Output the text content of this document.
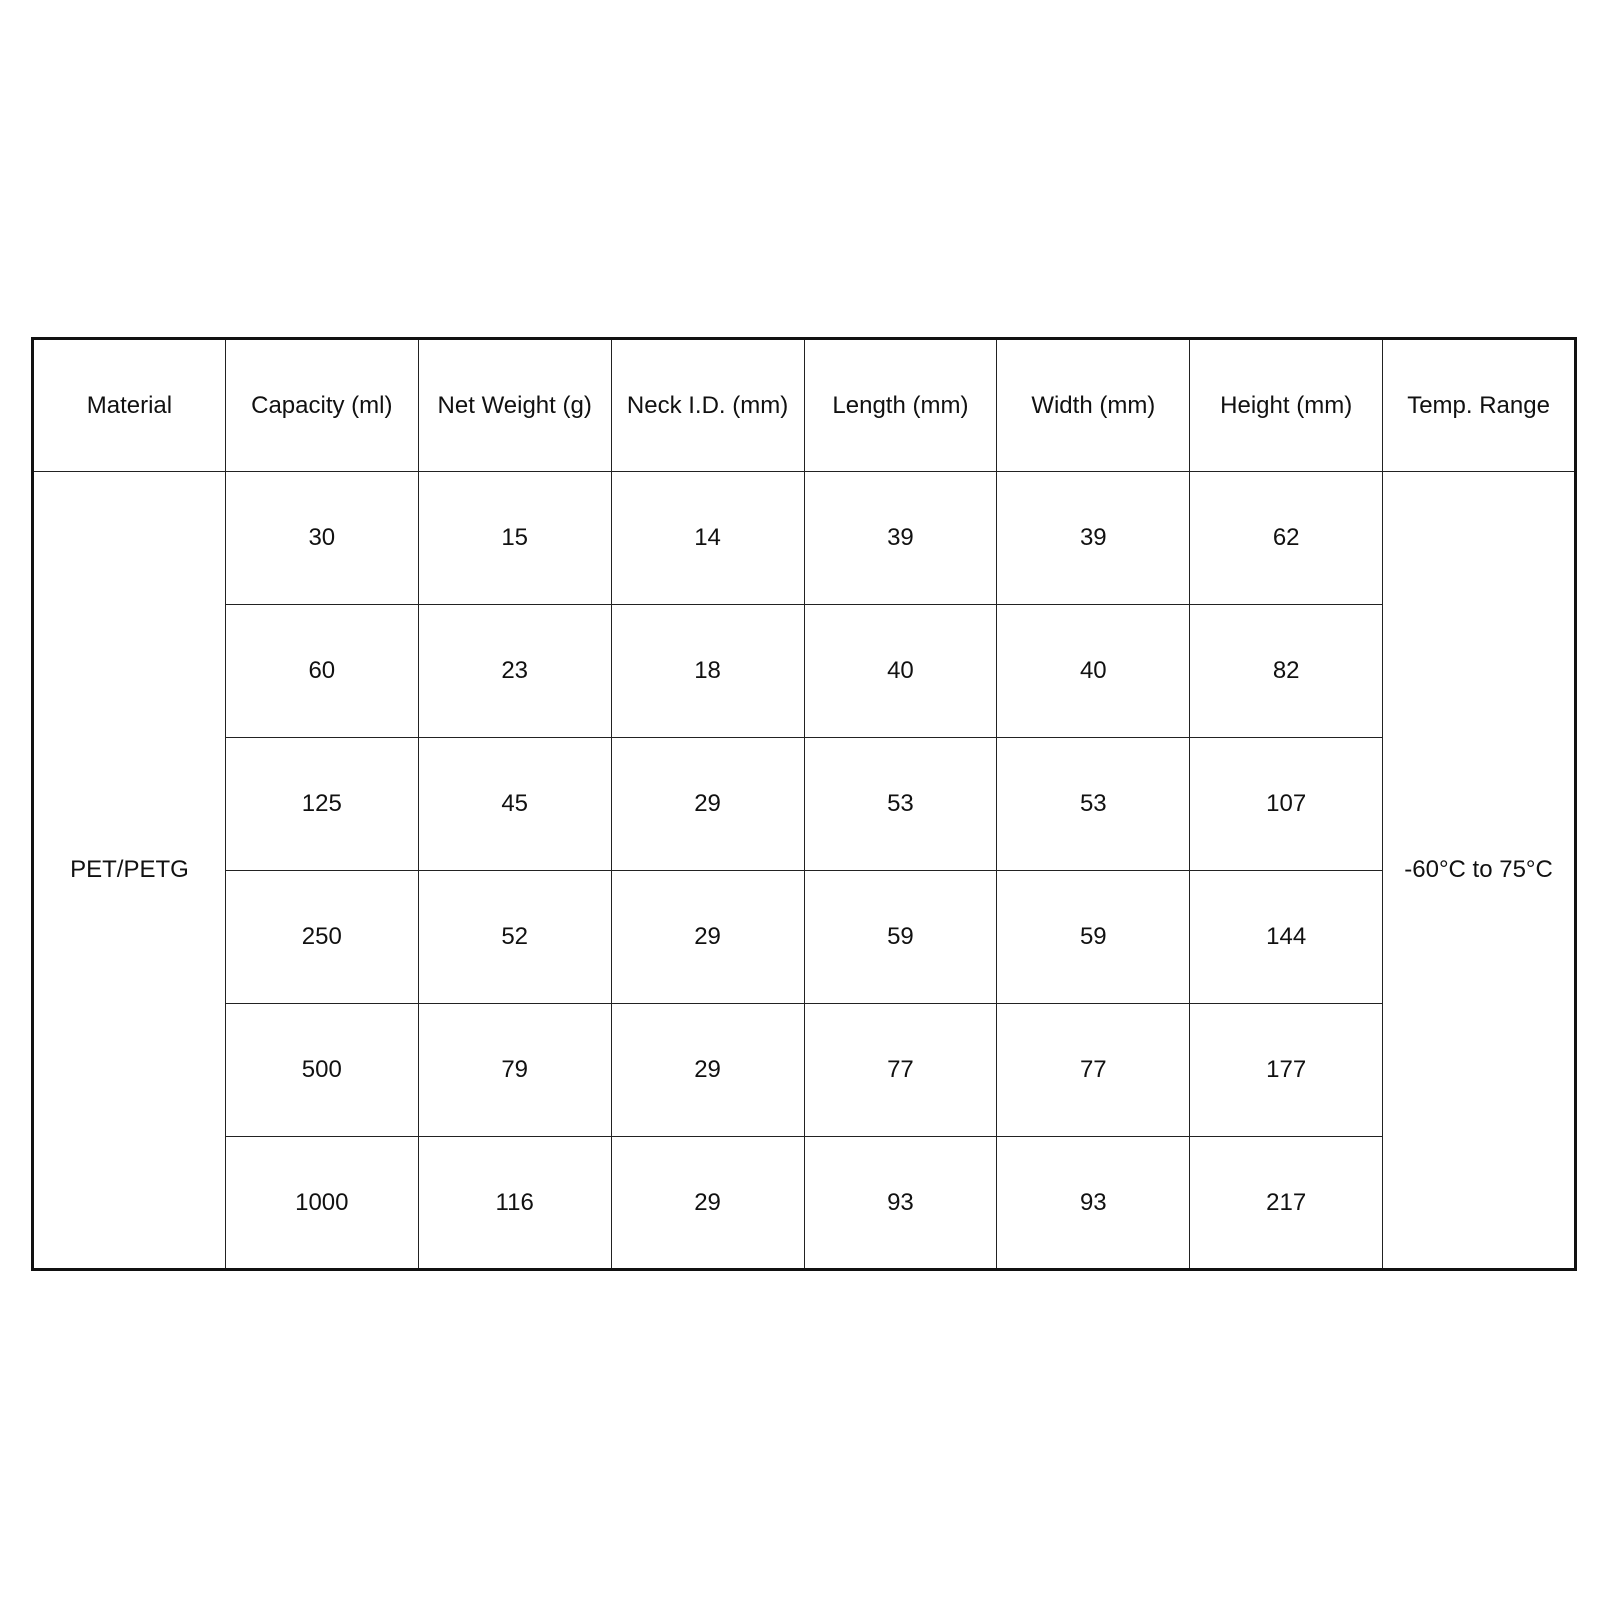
Material	Capacity (ml)	Net Weight (g)	Neck I.D. (mm)	Length (mm)	Width (mm)	Height (mm)	Temp. Range
PET/PETG	30	15	14	39	39	62	-60°C to 75°C
	60	23	18	40	40	82	
	125	45	29	53	53	107	
	250	52	29	59	59	144	
	500	79	29	77	77	177	
	1000	116	29	93	93	217	
